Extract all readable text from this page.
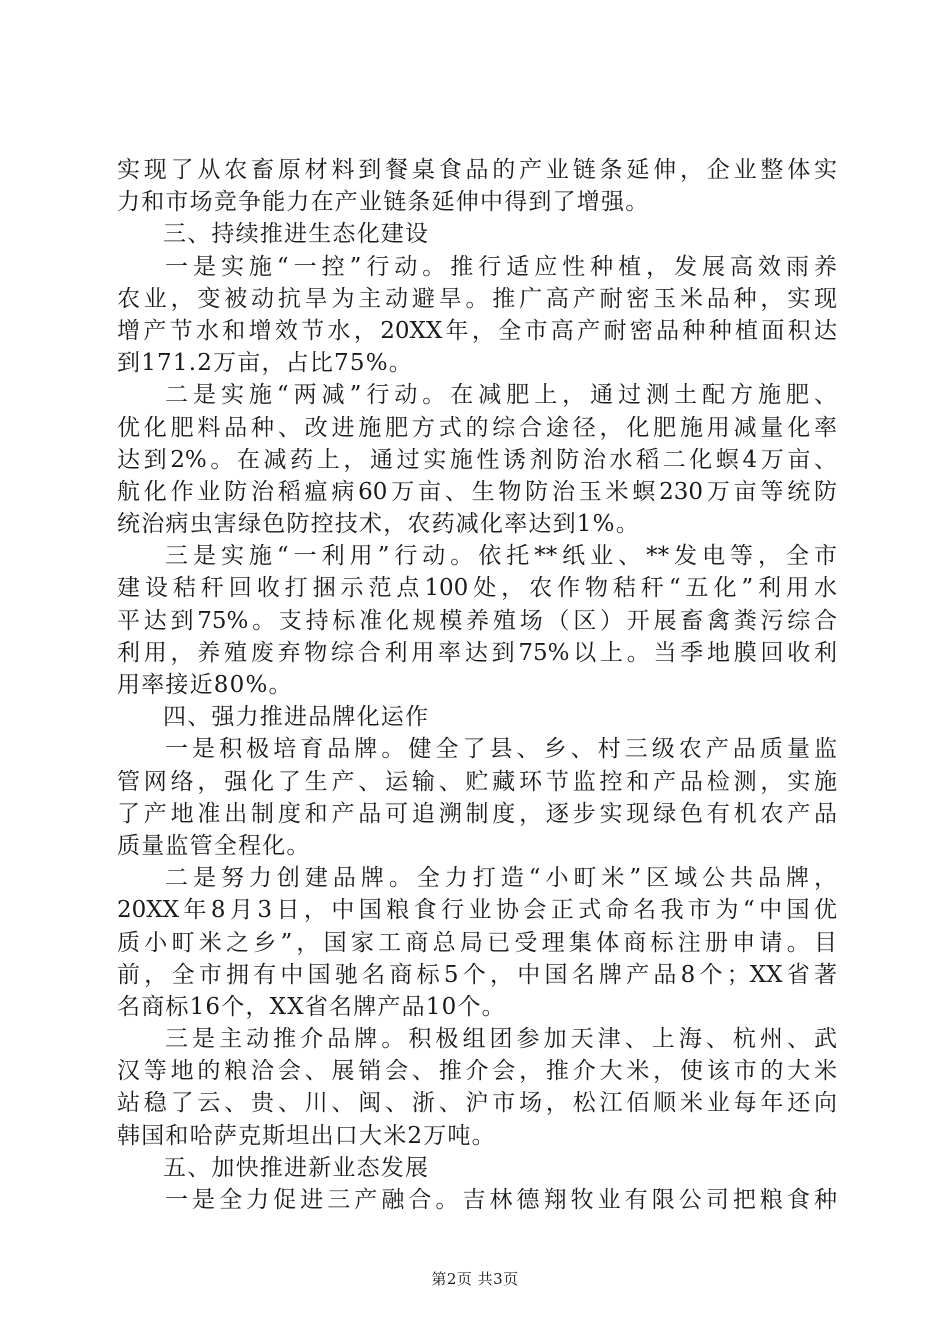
实现了从农畜原材料到餐桌食品的产业链条延伸，企业整体实
力和市场竞争能力在产业链条延伸中得到了增强。
三、持续推进生态化建设
一是实施“一控”行动。推行适应性种植，发展高效雨养
农业，变被动抗旱为主动避旱。推广高产耐密玉米品种，实现
增产节水和增效节水，20XX年，全市高产耐密品种种植面积达
到171.2万亩，占比75%。
二是实施“两减”行动。在减肥上，通过测土配方施肥、
优化肥料品种、改进施肥方式的综合途径，化肥施用减量化率
达到2%。在减药上，通过实施性诱剂防治水稻二化螟4万亩、
航化作业防治稻瘟病60万亩、生物防治玉米螟230万亩等统防
统治病虫害绿色防控技术，农药减化率达到1%。
三是实施“一利用”行动。依托**纸业、**发电等，全市
建设秸秆回收打捆示范点100处，农作物秸秆“五化”利用水
平达到75%。支持标准化规模养殖场（区）开展畜禽粪污综合
利用，养殖废弃物综合利用率达到75%以上。当季地膜回收利
用率接近80%。
四、强力推进品牌化运作
一是积极培育品牌。健全了县、乡、村三级农产品质量监
管网络，强化了生产、运输、贮藏环节监控和产品检测，实施
了产地准出制度和产品可追溯制度，逐步实现绿色有机农产品
质量监管全程化。
二是努力创建品牌。全力打造“小町米”区域公共品牌，
20XX年8月3日，中国粮食行业协会正式命名我市为“中国优
质小町米之乡”，国家工商总局已受理集体商标注册申请。目
前，全市拥有中国驰名商标5个，中国名牌产品8个；XX省著
名商标16个，XX省名牌产品10个。
三是主动推介品牌。积极组团参加天津、上海、杭州、武
汉等地的粮洽会、展销会、推介会，推介大米，使该市的大米
站稳了云、贵、川、闽、浙、沪市场，松江佰顺米业每年还向
韩国和哈萨克斯坦出口大米2万吨。
五、加快推进新业态发展
一是全力促进三产融合。吉林德翔牧业有限公司把粮食种
第2页 共3页
